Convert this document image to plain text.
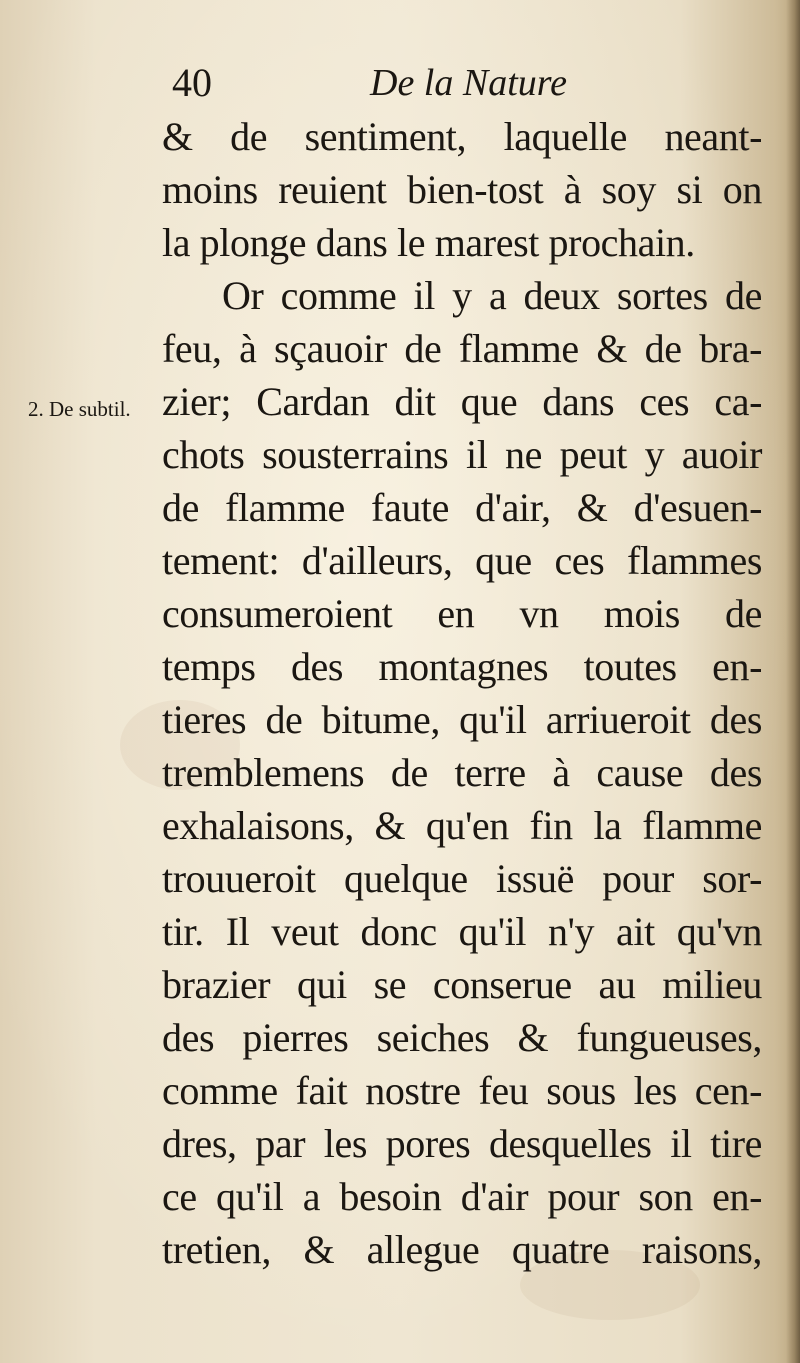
40	De la Nature
2. De subtil.
& de sentiment, laquelle neant-
moins reuient bien-tost à soy si on
la plonge dans le marest prochain.
Or comme il y a deux sortes de
feu, à sçauoir de flamme & de bra-
zier; Cardan dit que dans ces ca-
chots sousterrains il ne peut y auoir
de flamme faute d'air, & d'esuen-
tement: d'ailleurs, que ces flammes
consumeroient en vn mois de
temps des montagnes toutes en-
tieres de bitume, qu'il arriueroit des
tremblemens de terre à cause des
exhalaisons, & qu'en fin la flamme
trouueroit quelque issuë pour sor-
tir. Il veut donc qu'il n'y ait qu'vn
brazier qui se conserue au milieu
des pierres seiches & fungueuses,
comme fait nostre feu sous les cen-
dres, par les pores desquelles il tire
ce qu'il a besoin d'air pour son en-
tretien, & allegue quatre raisons,
